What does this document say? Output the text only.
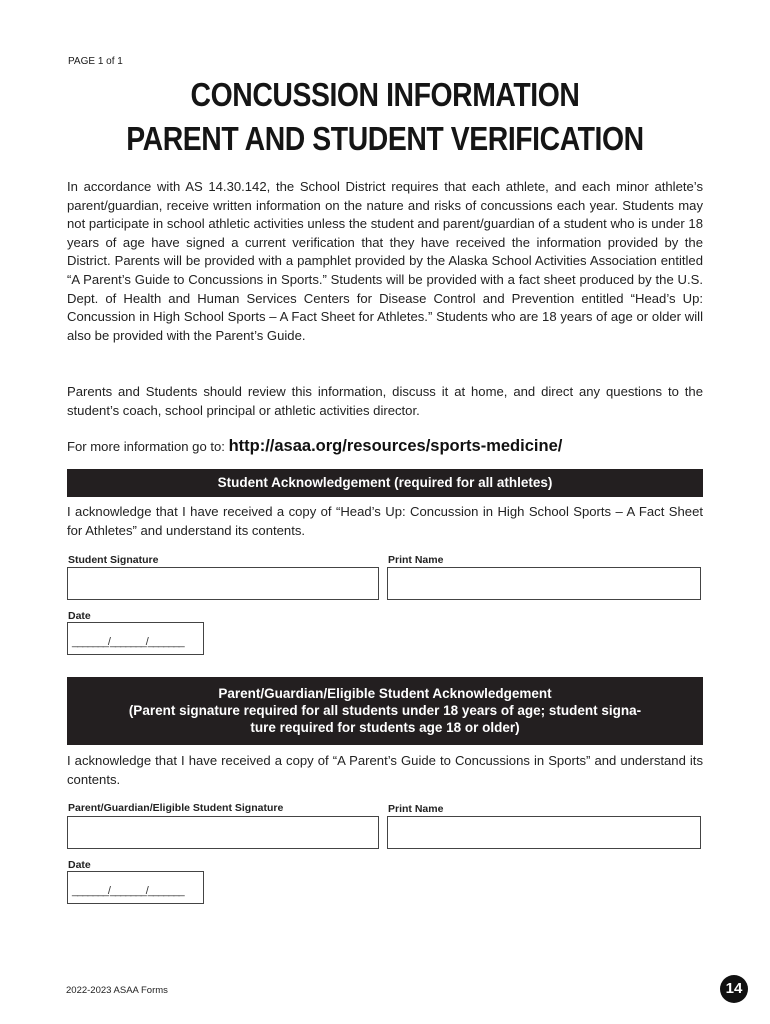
PAGE 1 of 1
CONCUSSION INFORMATION
PARENT AND STUDENT VERIFICATION
In accordance with AS 14.30.142, the School District requires that each athlete, and each minor athlete’s parent/guardian, receive written information on the nature and risks of concussions each year. Students may not participate in school athletic activities unless the student and parent/guardian of a student who is under 18 years of age have signed a current verification that they have received the information provided by the District. Parents will be provided with a pamphlet provided by the Alaska School Activities Association entitled “A Parent’s Guide to Concussions in Sports.” Students will be provided with a fact sheet produced by the U.S. Dept. of Health and Human Services Centers for Disease Control and Prevention entitled “Head’s Up: Concussion in High School Sports – A Fact Sheet for Athletes.” Students who are 18 years of age or older will also be provided with the Parent’s Guide.
Parents and Students should review this information, discuss it at home, and direct any questions to the student’s coach, school principal or athletic activities director.
For more information go to: http://asaa.org/resources/sports-medicine/
Student Acknowledgement (required for all athletes)
I acknowledge that I have received a copy of “Head’s Up: Concussion in High School Sports – A Fact Sheet for Athletes” and understand its contents.
Student Signature	Print Name
Date
_______/_______/_______
Parent/Guardian/Eligible Student Acknowledgement
(Parent signature required for all students under 18 years of age; student signa-
ture required for students age 18 or older)
I acknowledge that I have received a copy of “A Parent’s Guide to Concussions in Sports” and understand its contents.
Parent/Guardian/Eligible Student Signature	Print Name
Date
_______/_______/_______
2022-2023 ASAA Forms	14
